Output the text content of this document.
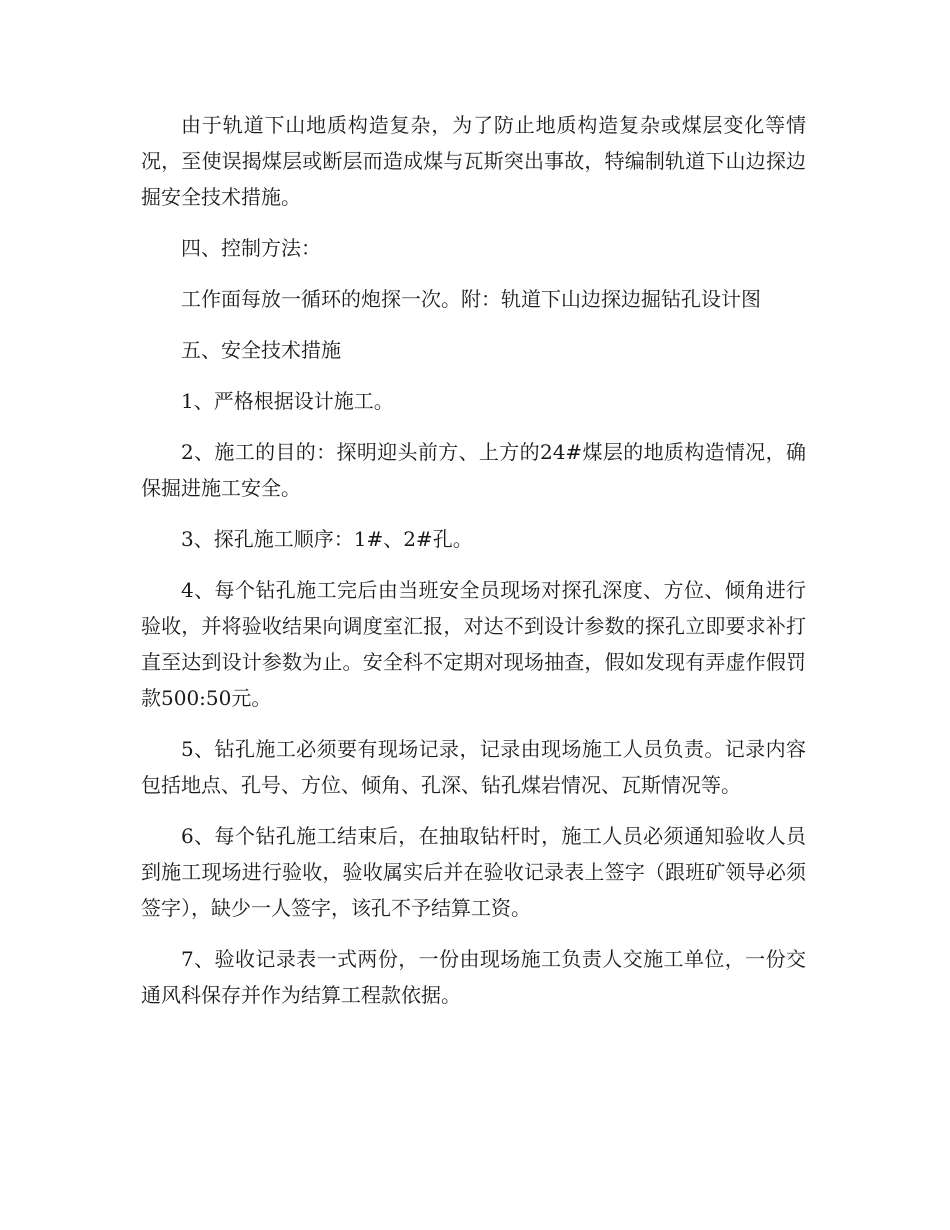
由于轨道下山地质构造复杂，为了防止地质构造复杂或煤层变化等情况，至使误揭煤层或断层而造成煤与瓦斯突出事故，特编制轨道下山边探边掘安全技术措施。

四、控制方法：

工作面每放一循环的炮探一次。附：轨道下山边探边掘钻孔设计图

五、安全技术措施

1、严格根据设计施工。

2、施工的目的：探明迎头前方、上方的24#煤层的地质构造情况，确保掘进施工安全。

3、探孔施工顺序：1#、2#孔。

4、每个钻孔施工完后由当班安全员现场对探孔深度、方位、倾角进行验收，并将验收结果向调度室汇报，对达不到设计参数的探孔立即要求补打直至达到设计参数为止。安全科不定期对现场抽查，假如发现有弄虚作假罚款500:50元。

5、钻孔施工必须要有现场记录，记录由现场施工人员负责。记录内容包括地点、孔号、方位、倾角、孔深、钻孔煤岩情况、瓦斯情况等。

6、每个钻孔施工结束后，在抽取钻杆时，施工人员必须通知验收人员到施工现场进行验收，验收属实后并在验收记录表上签字（跟班矿领导必须签字），缺少一人签字，该孔不予结算工资。

7、验收记录表一式两份，一份由现场施工负责人交施工单位，一份交通风科保存并作为结算工程款依据。
